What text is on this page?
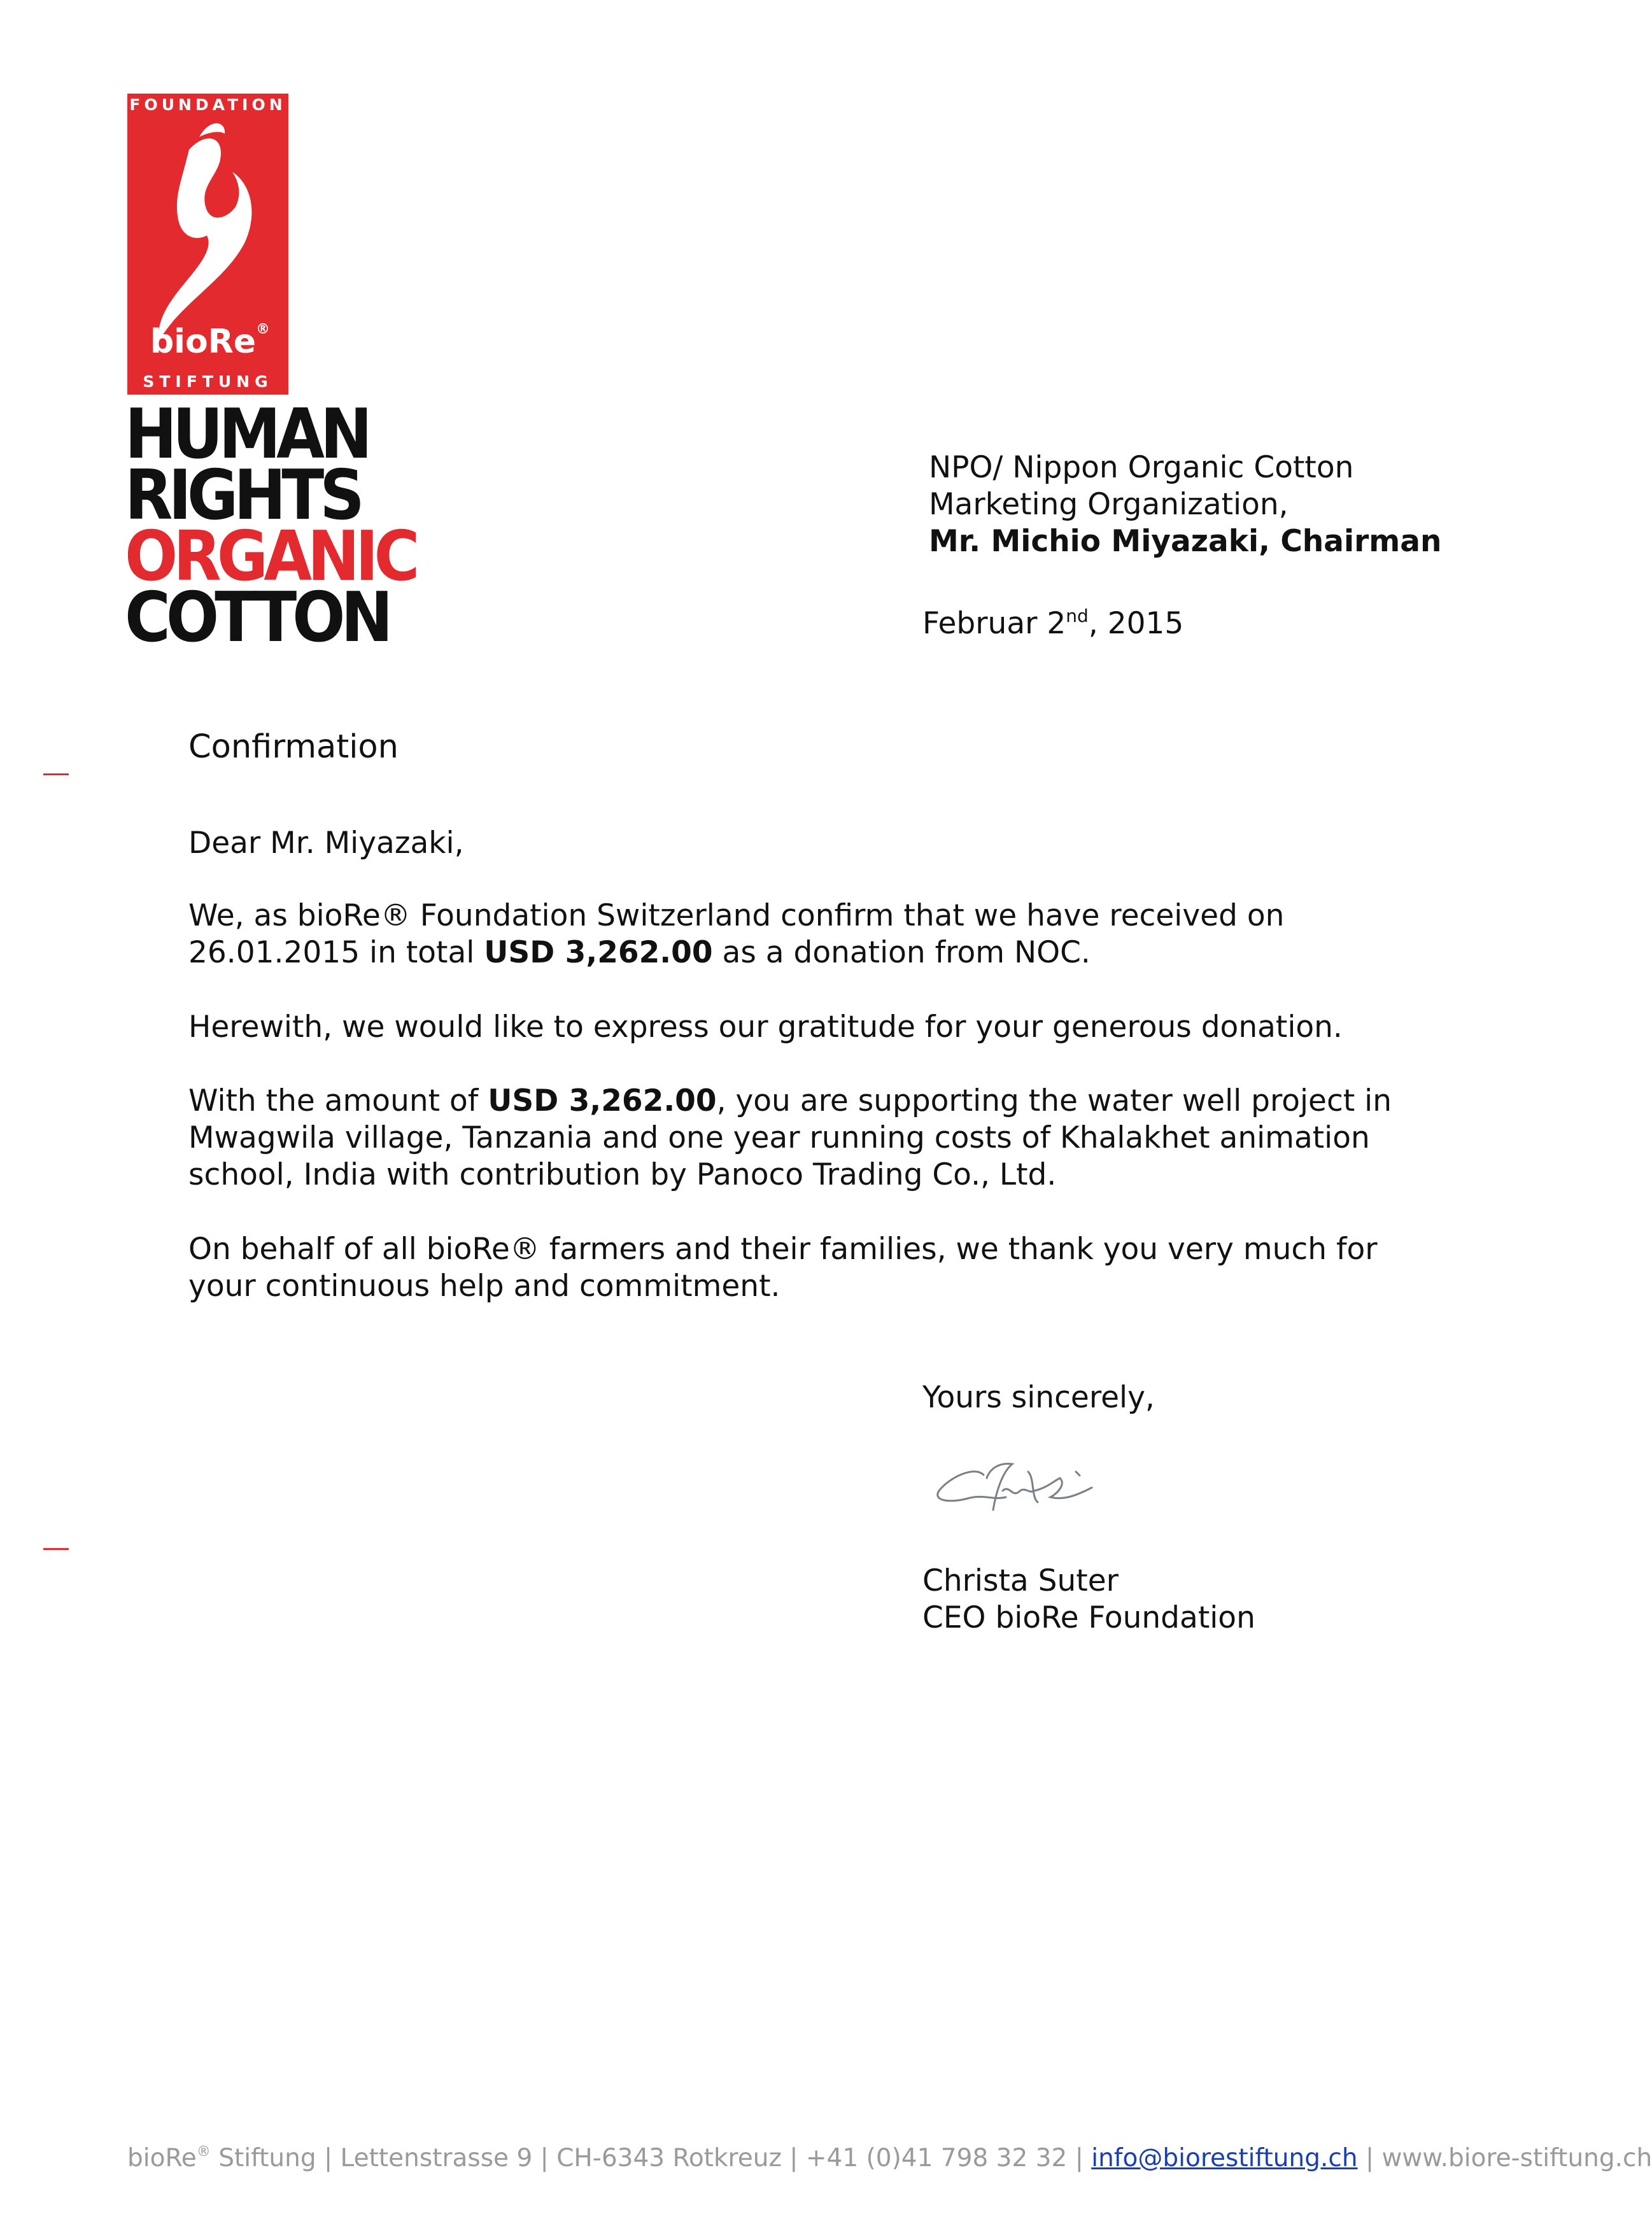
FOUNDATION
bioRe®
STIFTUNG
HUMAN
RIGHTS
ORGANIC
COTTON
NPO/ Nippon Organic Cotton
Marketing Organization,
Mr. Michio Miyazaki, Chairman
Februar 2nd, 2015
Confirmation
Dear Mr. Miyazaki,
We, as bioRe® Foundation Switzerland confirm that we have received on 26.01.2015 in total USD 3,262.00 as a donation from NOC.
Herewith, we would like to express our gratitude for your generous donation.
With the amount of USD 3,262.00, you are supporting the water well project in Mwagwila village, Tanzania and one year running costs of Khalakhet animation school, India with contribution by Panoco Trading Co., Ltd.
On behalf of all bioRe® farmers and their families, we thank you very much for your continuous help and commitment.
Yours sincerely,
Christa Suter
CEO bioRe Foundation
bioRe® Stiftung | Lettenstrasse 9 | CH-6343 Rotkreuz | +41 (0)41 798 32 32 | info@biorestiftung.ch | www.biore-stiftung.ch
